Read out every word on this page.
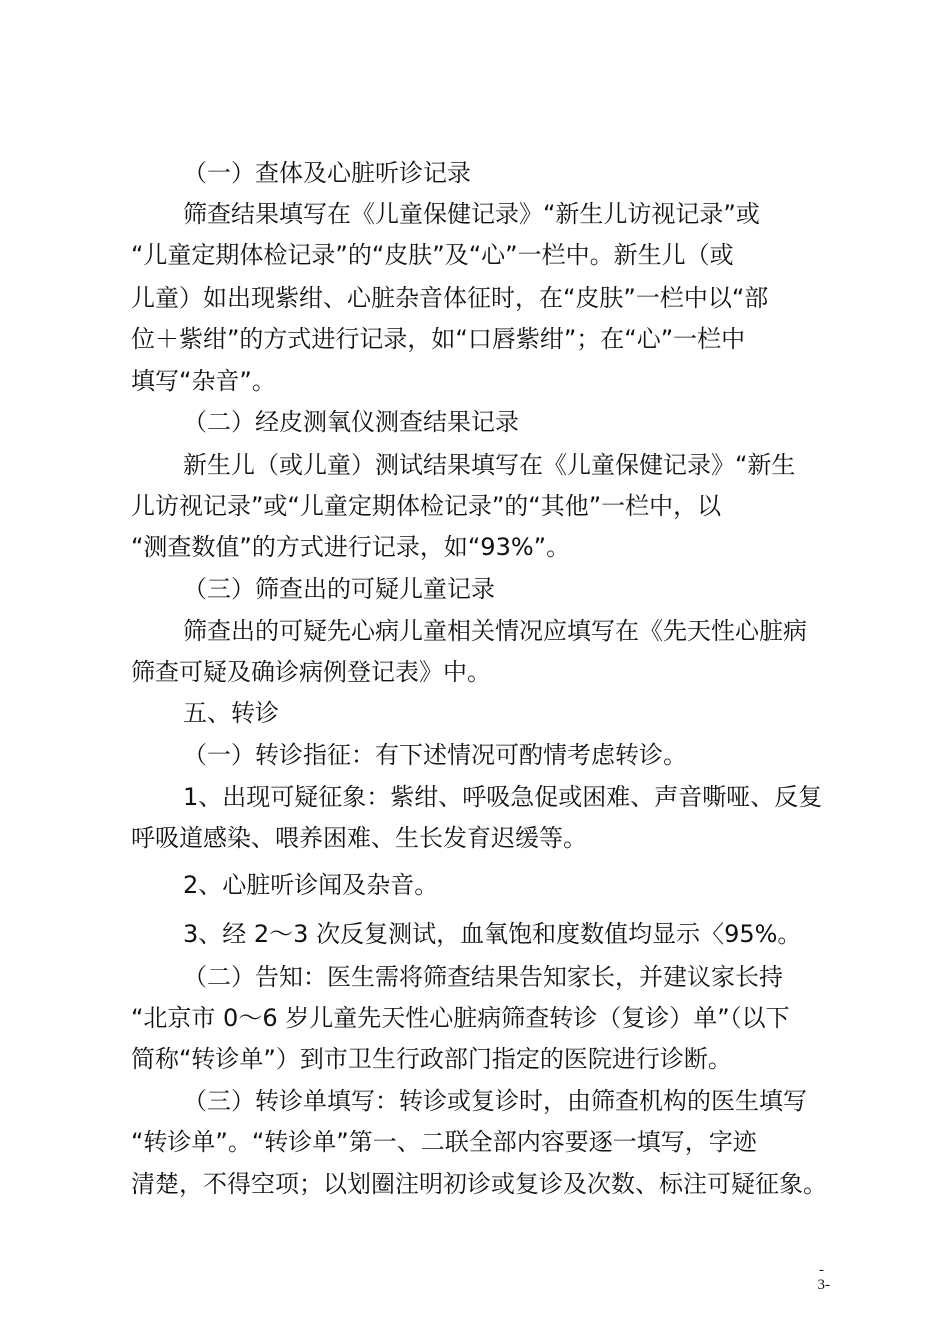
（一）查体及心脏听诊记录
筛查结果填写在《儿童保健记录》“新生儿访视记录”或
“儿童定期体检记录”的“皮肤”及“心”一栏中。新生儿（或
儿童）如出现紫绀、心脏杂音体征时，在“皮肤”一栏中以“部
位＋紫绀”的方式进行记录，如“口唇紫绀”；在“心”一栏中
填写“杂音”。
（二）经皮测氧仪测查结果记录
新生儿（或儿童）测试结果填写在《儿童保健记录》“新生
儿访视记录”或“儿童定期体检记录”的“其他”一栏中，以
“测查数值”的方式进行记录，如“93%”。
（三）筛查出的可疑儿童记录
筛查出的可疑先心病儿童相关情况应填写在《先天性心脏病
筛查可疑及确诊病例登记表》中。
五、转诊
（一）转诊指征：有下述情况可酌情考虑转诊。
1、出现可疑征象：紫绀、呼吸急促或困难、声音嘶哑、反复
呼吸道感染、喂养困难、生长发育迟缓等。
2、心脏听诊闻及杂音。
3、经 2～3 次反复测试，血氧饱和度数值均显示〈95%。
（二）告知：医生需将筛查结果告知家长，并建议家长持
“北京市 0～6 岁儿童先天性心脏病筛查转诊（复诊）单”（以下
简称“转诊单”）到市卫生行政部门指定的医院进行诊断。
（三）转诊单填写：转诊或复诊时，由筛查机构的医生填写
“转诊单”。“转诊单”第一、二联全部内容要逐一填写，字迹
清楚，不得空项；以划圈注明初诊或复诊及次数、标注可疑征象。
-
3-
